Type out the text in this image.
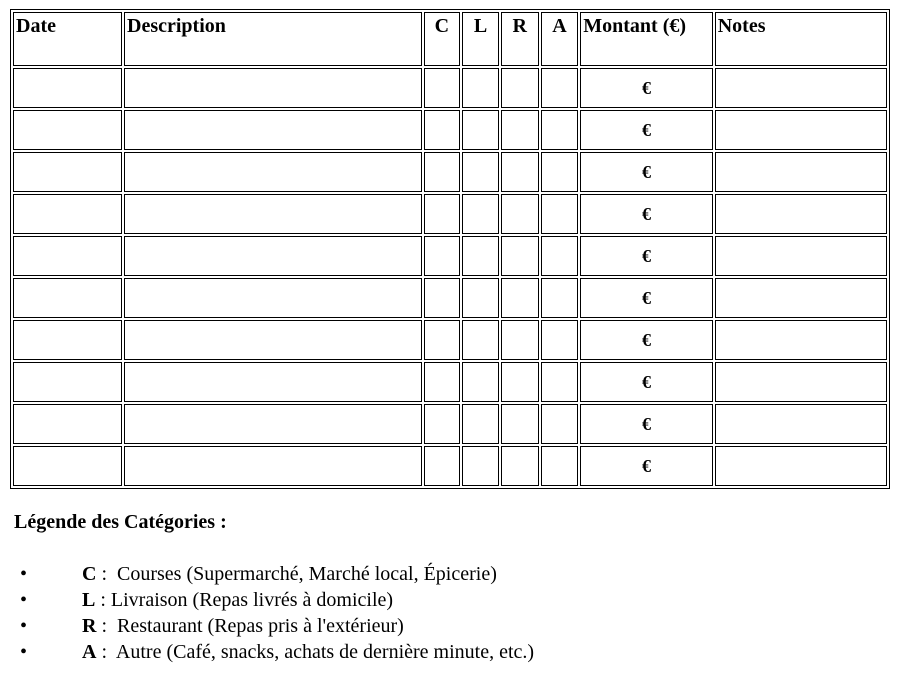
Date	Description	C	L	R	A	Montant (€)	Notes
						€	
						€	
						€	
						€	
						€	
						€	
						€	
						€	
						€	
						€	

Légende des Catégories :

•	C : Courses (Supermarché, Marché local, Épicerie)
•	L : Livraison (Repas livrés à domicile)
•	R : Restaurant (Repas pris à l'extérieur)
•	A : Autre (Café, snacks, achats de dernière minute, etc.)
